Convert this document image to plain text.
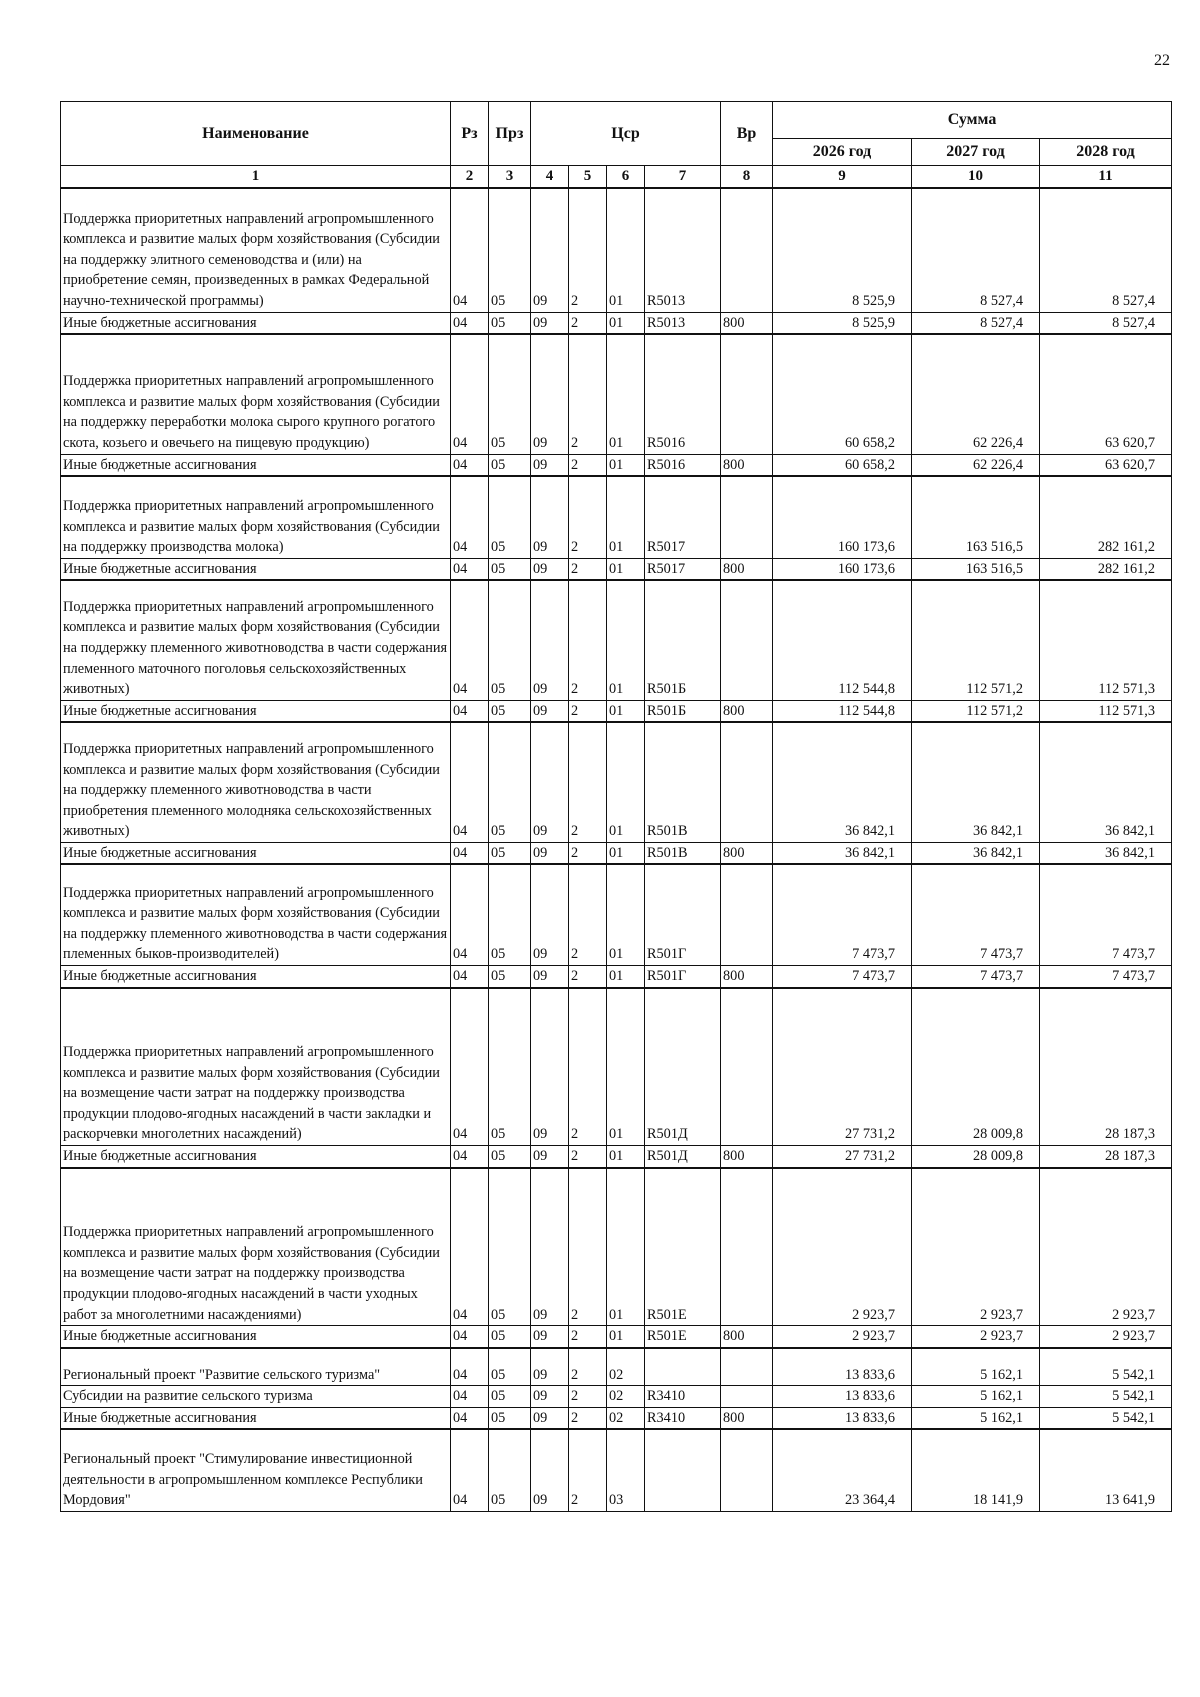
22
Наименование	Рз	Прз	Цср				Вр	Сумма		
								2026 год	2027 год	2028 год
1	2	3	4	5	6	7	8	9	10	11
Поддержка приоритетных направлений агропромышленного комплекса и развитие малых форм хозяйствования (Субсидии на поддержку элитного семеноводства и (или) на приобретение семян, произведенных в рамках Федеральной научно-технической программы)	04	05	09	2	01	R5013		8 525,9	8 527,4	8 527,4
Иные бюджетные ассигнования	04	05	09	2	01	R5013	800	8 525,9	8 527,4	8 527,4
Поддержка приоритетных направлений агропромышленного комплекса и развитие малых форм хозяйствования (Субсидии на поддержку переработки молока сырого крупного рогатого скота, козьего и овечьего на пищевую продукцию)	04	05	09	2	01	R5016		60 658,2	62 226,4	63 620,7
Иные бюджетные ассигнования	04	05	09	2	01	R5016	800	60 658,2	62 226,4	63 620,7
Поддержка приоритетных направлений агропромышленного комплекса и развитие малых форм хозяйствования (Субсидии на поддержку производства молока)	04	05	09	2	01	R5017		160 173,6	163 516,5	282 161,2
Иные бюджетные ассигнования	04	05	09	2	01	R5017	800	160 173,6	163 516,5	282 161,2
Поддержка приоритетных направлений агропромышленного комплекса и развитие малых форм хозяйствования (Субсидии на поддержку племенного животноводства в части содержания племенного маточного поголовья сельскохозяйственных животных)	04	05	09	2	01	R501Б		112 544,8	112 571,2	112 571,3
Иные бюджетные ассигнования	04	05	09	2	01	R501Б	800	112 544,8	112 571,2	112 571,3
Поддержка приоритетных направлений агропромышленного комплекса и развитие малых форм хозяйствования (Субсидии на поддержку племенного животноводства в части приобретения племенного молодняка сельскохозяйственных животных)	04	05	09	2	01	R501В		36 842,1	36 842,1	36 842,1
Иные бюджетные ассигнования	04	05	09	2	01	R501В	800	36 842,1	36 842,1	36 842,1
Поддержка приоритетных направлений агропромышленного комплекса и развитие малых форм хозяйствования (Субсидии на поддержку племенного животноводства в части содержания племенных быков-производителей)	04	05	09	2	01	R501Г		7 473,7	7 473,7	7 473,7
Иные бюджетные ассигнования	04	05	09	2	01	R501Г	800	7 473,7	7 473,7	7 473,7
Поддержка приоритетных направлений агропромышленного комплекса и развитие малых форм хозяйствования (Субсидии на возмещение части затрат на поддержку производства продукции плодово-ягодных насаждений в части закладки и раскорчевки многолетних насаждений)	04	05	09	2	01	R501Д		27 731,2	28 009,8	28 187,3
Иные бюджетные ассигнования	04	05	09	2	01	R501Д	800	27 731,2	28 009,8	28 187,3
Поддержка приоритетных направлений агропромышленного комплекса и развитие малых форм хозяйствования (Субсидии на возмещение части затрат на поддержку производства продукции плодово-ягодных насаждений в части уходных работ за многолетними насаждениями)	04	05	09	2	01	R501Е		2 923,7	2 923,7	2 923,7
Иные бюджетные ассигнования	04	05	09	2	01	R501Е	800	2 923,7	2 923,7	2 923,7
Региональный проект "Развитие сельского туризма"	04	05	09	2	02			13 833,6	5 162,1	5 542,1
Субсидии на развитие сельского туризма	04	05	09	2	02	R3410		13 833,6	5 162,1	5 542,1
Иные бюджетные ассигнования	04	05	09	2	02	R3410	800	13 833,6	5 162,1	5 542,1
Региональный проект "Стимулирование инвестиционной деятельности в агропромышленном комплексе Республики Мордовия"	04	05	09	2	03			23 364,4	18 141,9	13 641,9
